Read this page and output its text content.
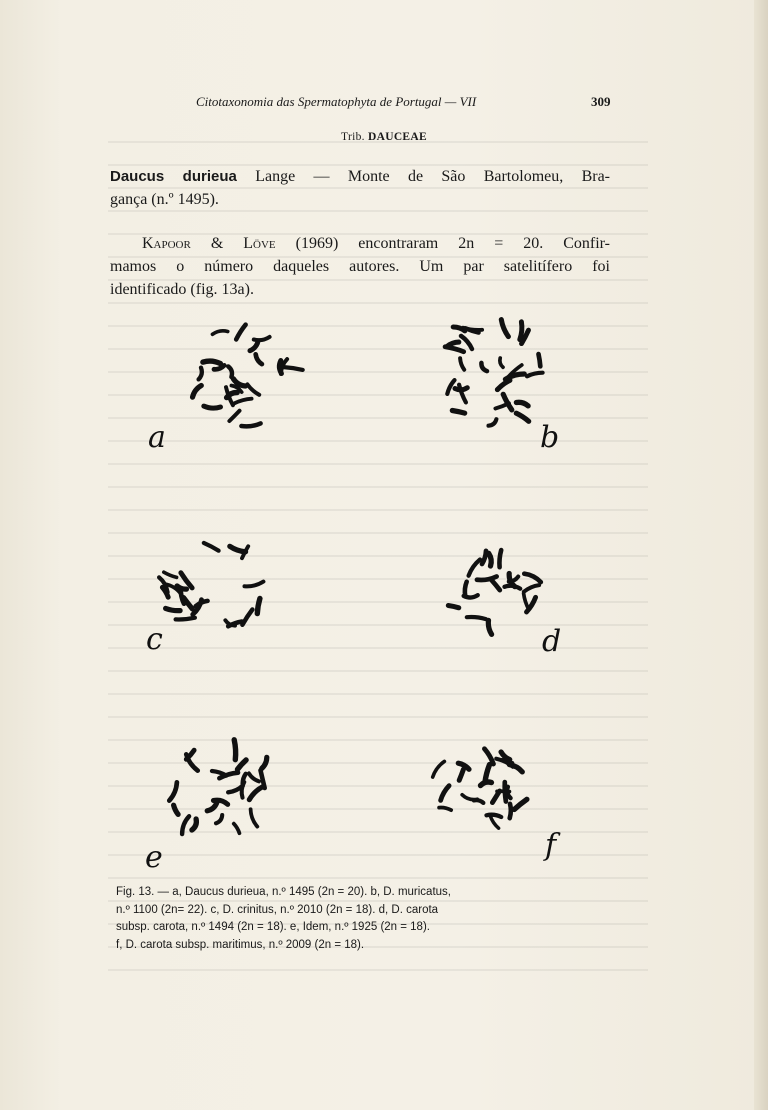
Citotaxonomia das Spermatophyta de Portugal — VII	309
Trib. DAUCEAE
Daucus durieua Lange — Monte de São Bartolomeu, Bra-
gança (n.º 1495).
Kapoor & Löve (1969) encontraram 2n = 20. Confir-
mamos o número daqueles autores. Um par satelitífero foi
identificado (fig. 13a).
a	b
c	d
e	f
Fig. 13. — a, Daucus durieua, n.º 1495 (2n = 20). b, D. muricatus,
n.º 1100 (2n= 22). c, D. crinitus, n.º 2010 (2n = 18). d, D. carota
subsp. carota, n.º 1494 (2n = 18). e, Idem, n.º 1925 (2n = 18).
f, D. carota subsp. maritimus, n.º 2009 (2n = 18).
